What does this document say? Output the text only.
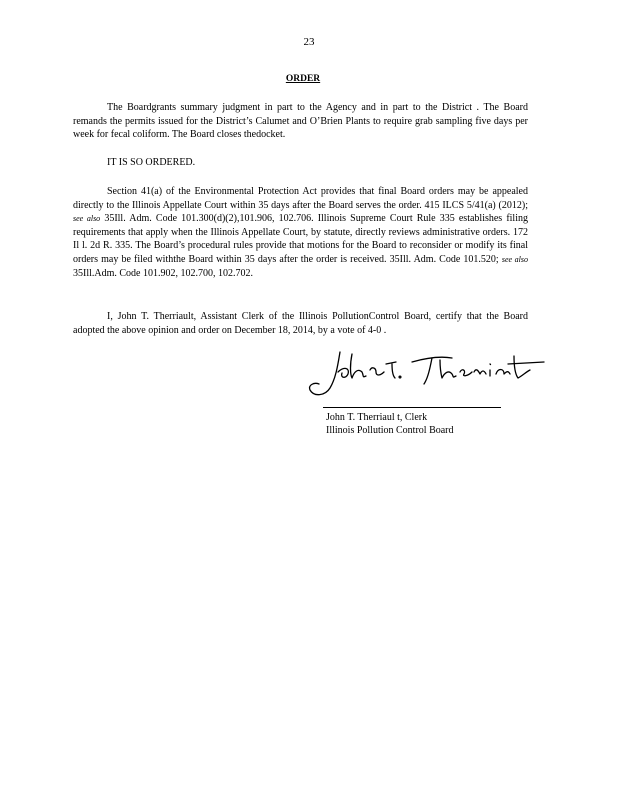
23
ORDER
The Boardgrants summary judgment in part to the Agency and in part to the District . The Board remands the permits issued for the District’s Calumet and O’Brien Plants to require grab sampling five days per week for fecal coliform. The Board closes thedocket.
IT IS SO ORDERED.
Section 41(a) of the Environmental Protection Act provides that final Board orders may be appealed directly to the Illinois Appellate Court within 35 days after the Board serves the order. 415 ILCS 5/41(a) (2012); see also 35Ill. Adm. Code 101.300(d)(2),101.906, 102.706. Illinois Supreme Court Rule 335 establishes filing requirements that apply when the Illinois Appellate Court, by statute, directly reviews administrative orders. 172 Il l. 2d R. 335. The Board’s procedural rules provide that motions for the Board to reconsider or modify its final orders may be filed withthe Board within 35 days after the order is received. 35Ill. Adm. Code 101.520; see also 35Ill.Adm. Code 101.902, 102.700, 102.702.
I, John T. Therriault, Assistant Clerk of the Illinois PollutionControl Board, certify that the Board adopted the above opinion and order on December 18, 2014, by a vote of 4-0 .
John T. Therriaul t, Clerk
Illinois Pollution Control Board
